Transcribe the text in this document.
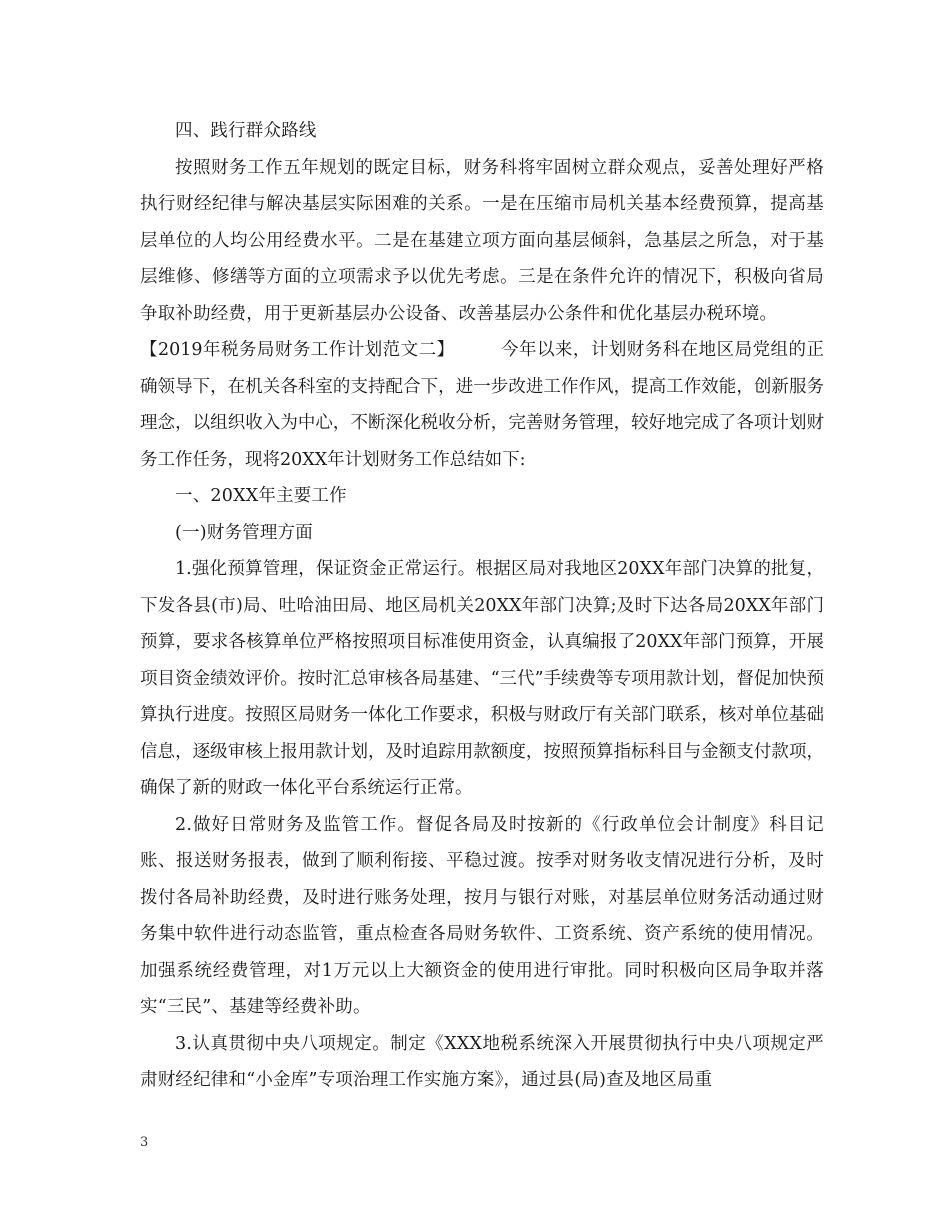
四、践行群众路线

按照财务工作五年规划的既定目标，财务科将牢固树立群众观点，妥善处理好严格执行财经纪律与解决基层实际困难的关系。一是在压缩市局机关基本经费预算，提高基层单位的人均公用经费水平。二是在基建立项方面向基层倾斜，急基层之所急，对于基层维修、修缮等方面的立项需求予以优先考虑。三是在条件允许的情况下，积极向省局争取补助经费，用于更新基层办公设备、改善基层办公条件和优化基层办税环境。

【2019年税务局财务工作计划范文二】	今年以来，计划财务科在地区局党组的正确领导下，在机关各科室的支持配合下，进一步改进工作作风，提高工作效能，创新服务理念，以组织收入为中心，不断深化税收分析，完善财务管理，较好地完成了各项计划财务工作任务，现将20XX年计划财务工作总结如下:

一、20XX年主要工作

(一)财务管理方面

1.强化预算管理，保证资金正常运行。根据区局对我地区20XX年部门决算的批复，下发各县(市)局、吐哈油田局、地区局机关20XX年部门决算;及时下达各局20XX年部门预算，要求各核算单位严格按照项目标准使用资金，认真编报了20XX年部门预算，开展项目资金绩效评价。按时汇总审核各局基建、“三代”手续费等专项用款计划，督促加快预算执行进度。按照区局财务一体化工作要求，积极与财政厅有关部门联系，核对单位基础信息，逐级审核上报用款计划，及时追踪用款额度，按照预算指标科目与金额支付款项，确保了新的财政一体化平台系统运行正常。

2.做好日常财务及监管工作。督促各局及时按新的《行政单位会计制度》科目记账、报送财务报表，做到了顺利衔接、平稳过渡。按季对财务收支情况进行分析，及时拨付各局补助经费，及时进行账务处理，按月与银行对账，对基层单位财务活动通过财务集中软件进行动态监管，重点检查各局财务软件、工资系统、资产系统的使用情况。加强系统经费管理，对1万元以上大额资金的使用进行审批。同时积极向区局争取并落实“三民”、基建等经费补助。

3.认真贯彻中央八项规定。制定《XXX地税系统深入开展贯彻执行中央八项规定严肃财经纪律和“小金库”专项治理工作实施方案》，通过县(局)查及地区局重

3
